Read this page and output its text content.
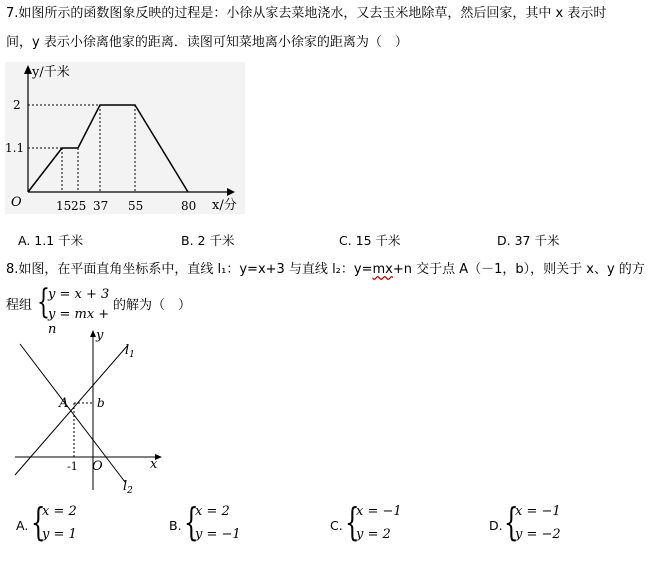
7.如图所示的函数图象反映的过程是：小徐从家去菜地浇水，又去玉米地除草，然后回家，其中 x 表示时
间，y 表示小徐离他家的距离．读图可知菜地离小徐家的距离为（　）
y/千米
x/分
O
2
1.1
15 25 37 55	80
A. 1.1 千米	B. 2 千米	C. 15 千米	D. 37 千米
8.如图，在平面直角坐标系中，直线 l₁：y=x+3 与直线 l₂：y=mx+n 交于点 A（－1，b），则关于 x、y 的方
程组 {
y = x + 3
y = mx + n
的解为（　）
A b
-1 O	x
y
$l_1$
$l_2$
A. {
x = 2
y = 1
B. {
x = 2
y = −1
C. {
x = −1
y = 2
D. {
x = −1
y = −2
